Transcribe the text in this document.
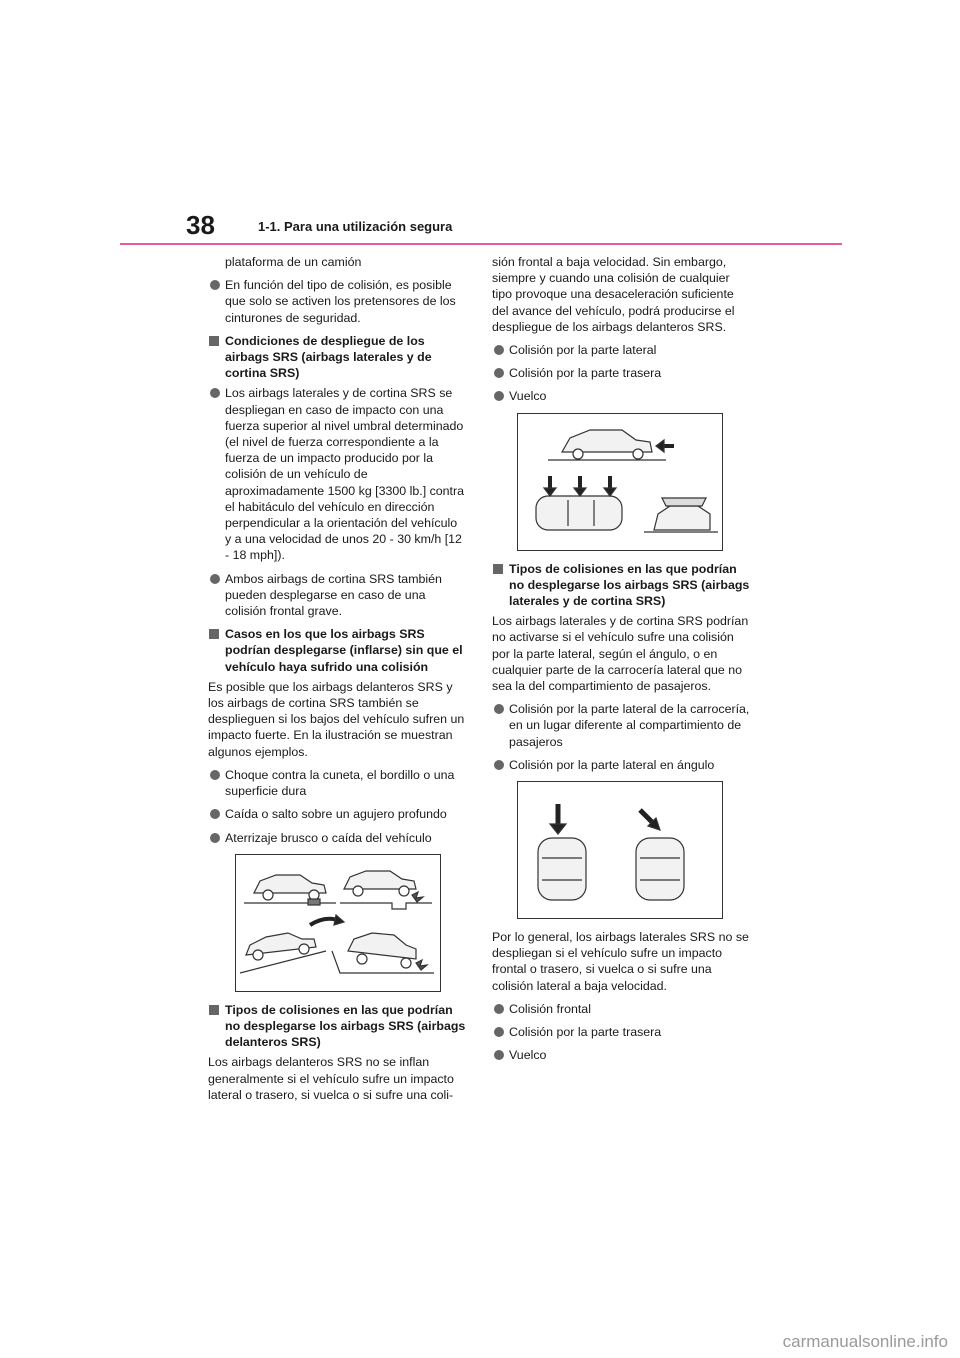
38	1-1. Para una utilización segura

plataforma de un camión

En función del tipo de colisión, es posible que solo se activen los pretensores de los cinturones de seguridad.
Condiciones de despliegue de los airbags SRS (airbags laterales y de cortina SRS)
Los airbags laterales y de cortina SRS se despliegan en caso de impacto con una fuerza superior al nivel umbral determinado (el nivel de fuerza correspondiente a la fuerza de un impacto producido por la colisión de un vehículo de aproximadamente 1500 kg [3300 lb.] contra el habitáculo del vehículo en dirección perpendicular a la orientación del vehículo y a una velocidad de unos 20 - 30 km/h [12 - 18 mph]).
Ambos airbags de cortina SRS también pueden desplegarse en caso de una colisión frontal grave.
Casos en los que los airbags SRS podrían desplegarse (inflarse) sin que el vehículo haya sufrido una colisión

Es posible que los airbags delanteros SRS y los airbags de cortina SRS también se desplieguen si los bajos del vehículo sufren un impacto fuerte. En la ilustración se muestran algunos ejemplos.

Choque contra la cuneta, el bordillo o una superficie dura
Caída o salto sobre un agujero profundo
Aterrizaje brusco o caída del vehículo
Tipos de colisiones en las que podrían no desplegarse los airbags SRS (airbags delanteros SRS)

Los airbags delanteros SRS no se inflan generalmente si el vehículo sufre un impacto lateral o trasero, si vuelca o si sufre una coli-

sión frontal a baja velocidad. Sin embargo, siempre y cuando una colisión de cualquier tipo provoque una desaceleración suficiente del avance del vehículo, podrá producirse el despliegue de los airbags delanteros SRS.

Colisión por la parte lateral
Colisión por la parte trasera
Vuelco
Tipos de colisiones en las que podrían no desplegarse los airbags SRS (airbags laterales y de cortina SRS)

Los airbags laterales y de cortina SRS podrían no activarse si el vehículo sufre una colisión por la parte lateral, según el ángulo, o en cualquier parte de la carrocería lateral que no sea la del compartimiento de pasajeros.

Colisión por la parte lateral de la carrocería, en un lugar diferente al compartimiento de pasajeros
Colisión por la parte lateral en ángulo

Por lo general, los airbags laterales SRS no se despliegan si el vehículo sufre un impacto frontal o trasero, si vuelca o si sufre una colisión lateral a baja velocidad.

Colisión frontal
Colisión por la parte trasera
Vuelco
carmanualsonline.info
